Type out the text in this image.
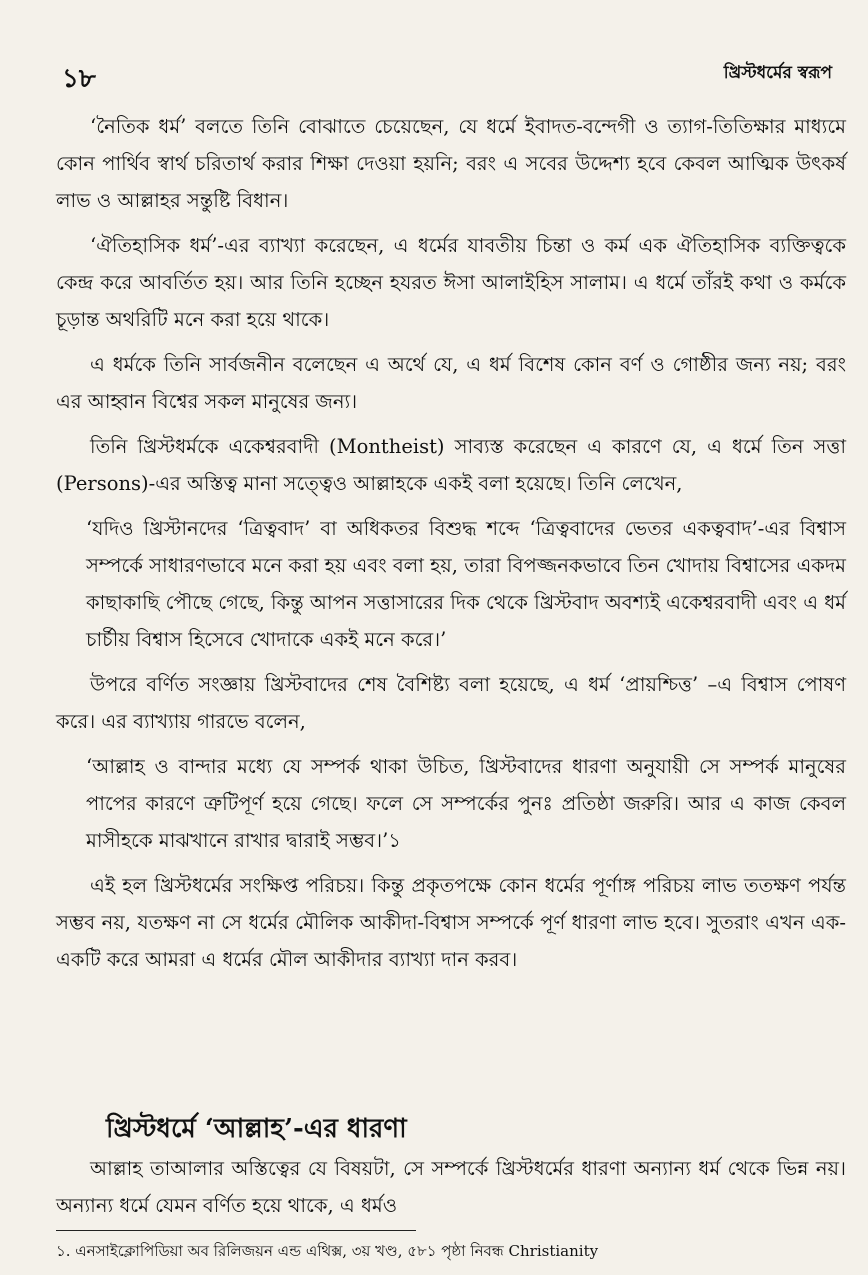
১৮	খ্রিস্টধর্মের স্বরূপ

‘নৈতিক ধর্ম’ বলতে তিনি বোঝাতে চেয়েছেন, যে ধর্মে ইবাদত-বন্দেগী ও ত্যাগ-তিতিক্ষার মাধ্যমে কোন পার্থিব স্বার্থ চরিতার্থ করার শিক্ষা দেওয়া হয়নি; বরং এ সবের উদ্দেশ্য হবে কেবল আত্মিক উৎকর্ষ লাভ ও আল্লাহর সন্তুষ্টি বিধান।

‘ঐতিহাসিক ধর্ম’-এর ব্যাখ্যা করেছেন, এ ধর্মের যাবতীয় চিন্তা ও কর্ম এক ঐতিহাসিক ব্যক্তিত্বকে কেন্দ্র করে আবর্তিত হয়। আর তিনি হচ্ছেন হযরত ঈসা আলাইহিস সালাম। এ ধর্মে তাঁরই কথা ও কর্মকে চূড়ান্ত অথরিটি মনে করা হয়ে থাকে।

এ ধর্মকে তিনি সার্বজনীন বলেছেন এ অর্থে যে, এ ধর্ম বিশেষ কোন বর্ণ ও গোষ্ঠীর জন্য নয়; বরং এর আহ্বান বিশ্বের সকল মানুষের জন্য।

তিনি খ্রিস্টধর্মকে একেশ্বরবাদী (Montheist) সাব্যস্ত করেছেন এ কারণে যে, এ ধর্মে তিন সত্তা (Persons)-এর অস্তিত্ব মানা সত্ত্বেও আল্লাহকে একই বলা হয়েছে। তিনি লেখেন,

‘যদিও খ্রিস্টানদের ‘ত্রিত্ববাদ’ বা অধিকতর বিশুদ্ধ শব্দে ‘ত্রিত্ববাদের ভেতর একত্ববাদ’-এর বিশ্বাস সম্পর্কে সাধারণভাবে মনে করা হয় এবং বলা হয়, তারা বিপজ্জনকভাবে তিন খোদায় বিশ্বাসের একদম কাছাকাছি পৌছে গেছে, কিন্তু আপন সত্তাসারের দিক থেকে খ্রিস্টবাদ অবশ্যই একেশ্বরবাদী এবং এ ধর্ম চার্চীয় বিশ্বাস হিসেবে খোদাকে একই মনে করে।’

উপরে বর্ণিত সংজ্ঞায় খ্রিস্টবাদের শেষ বৈশিষ্ট্য বলা হয়েছে, এ ধর্ম ‘প্রায়শ্চিত্ত’ –এ বিশ্বাস পোষণ করে। এর ব্যাখ্যায় গারভে বলেন,

‘আল্লাহ ও বান্দার মধ্যে যে সম্পর্ক থাকা উচিত, খ্রিস্টবাদের ধারণা অনুযায়ী সে সম্পর্ক মানুষের পাপের কারণে ত্রুটিপূর্ণ হয়ে গেছে। ফলে সে সম্পর্কের পুনঃ প্রতিষ্ঠা জরুরি। আর এ কাজ কেবল মাসীহকে মাঝখানে রাখার দ্বারাই সম্ভব।’১

এই হল খ্রিস্টধর্মের সংক্ষিপ্ত পরিচয়। কিন্তু প্রকৃতপক্ষে কোন ধর্মের পূর্ণাঙ্গ পরিচয় লাভ ততক্ষণ পর্যন্ত সম্ভব নয়, যতক্ষণ না সে ধর্মের মৌলিক আকীদা-বিশ্বাস সম্পর্কে পূর্ণ ধারণা লাভ হবে। সুতরাং এখন এক-একটি করে আমরা এ ধর্মের মৌল আকীদার ব্যাখ্যা দান করব।

খ্রিস্টধর্মে ‘আল্লাহ’-এর ধারণা

আল্লাহ তাআলার অস্তিত্বের যে বিষয়টা, সে সম্পর্কে খ্রিস্টধর্মের ধারণা অন্যান্য ধর্ম থেকে ভিন্ন নয়। অন্যান্য ধর্মে যেমন বর্ণিত হয়ে থাকে, এ ধর্মও

১. এনসাইক্লোপিডিয়া অব রিলিজয়ন এন্ড এথিক্স, ৩য় খণ্ড, ৫৮১ পৃষ্ঠা নিবন্ধ Christianity
